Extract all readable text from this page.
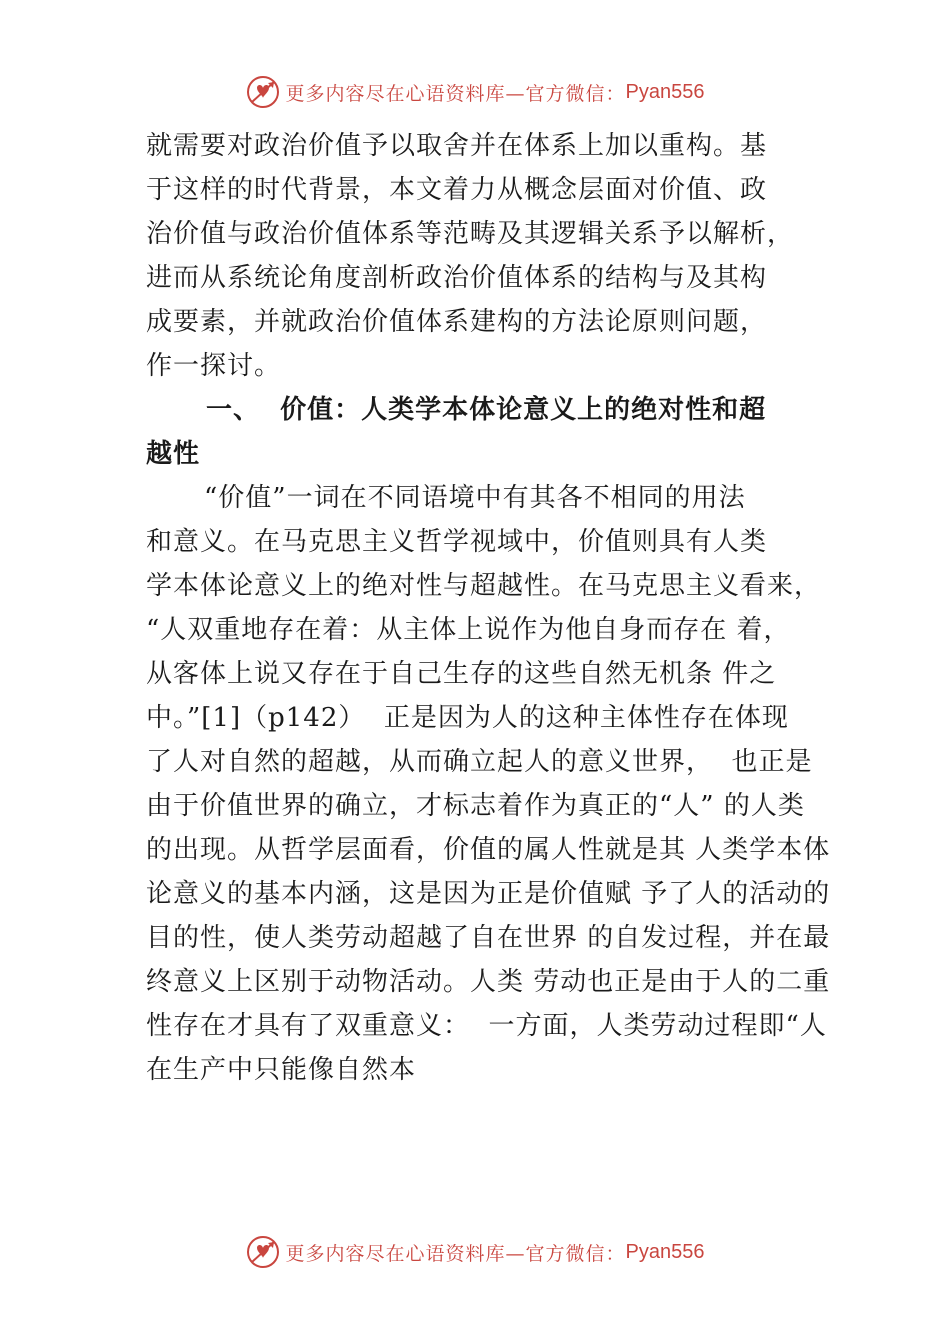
更多内容尽在心语资料库—官方微信： Pyan556
就需要对政治价值予以取舍并在体系上加以重构。基
于这样的时代背景，本文着力从概念层面对价值、政
治价值与政治价值体系等范畴及其逻辑关系予以解析，
进而从系统论角度剖析政治价值体系的结构与及其构
成要素，并就政治价值体系建构的方法论原则问题，
作一探讨。
一、  价值：人类学本体论意义上的绝对性和超
越性
“价值”一词在不同语境中有其各不相同的用法
和意义。在马克思主义哲学视域中，价值则具有人类
学本体论意义上的绝对性与超越性。在马克思主义看来，
“人双重地存在着：从主体上说作为他自身而存在 着，
从客体上说又存在于自己生存的这些自然无机条 件之
中。”[1]（p142）  正是因为人的这种主体性存在体现
了人对自然的超越，从而确立起人的意义世界，  也正是
由于价值世界的确立，才标志着作为真正的“人” 的人类
的出现。从哲学层面看，价值的属人性就是其 人类学本体
论意义的基本内涵，这是因为正是价值赋 予了人的活动的
目的性，使人类劳动超越了自在世界 的自发过程，并在最
终意义上区别于动物活动。人类 劳动也正是由于人的二重
性存在才具有了双重意义：  一方面，人类劳动过程即“人
在生产中只能像自然本
更多内容尽在心语资料库—官方微信： Pyan556
